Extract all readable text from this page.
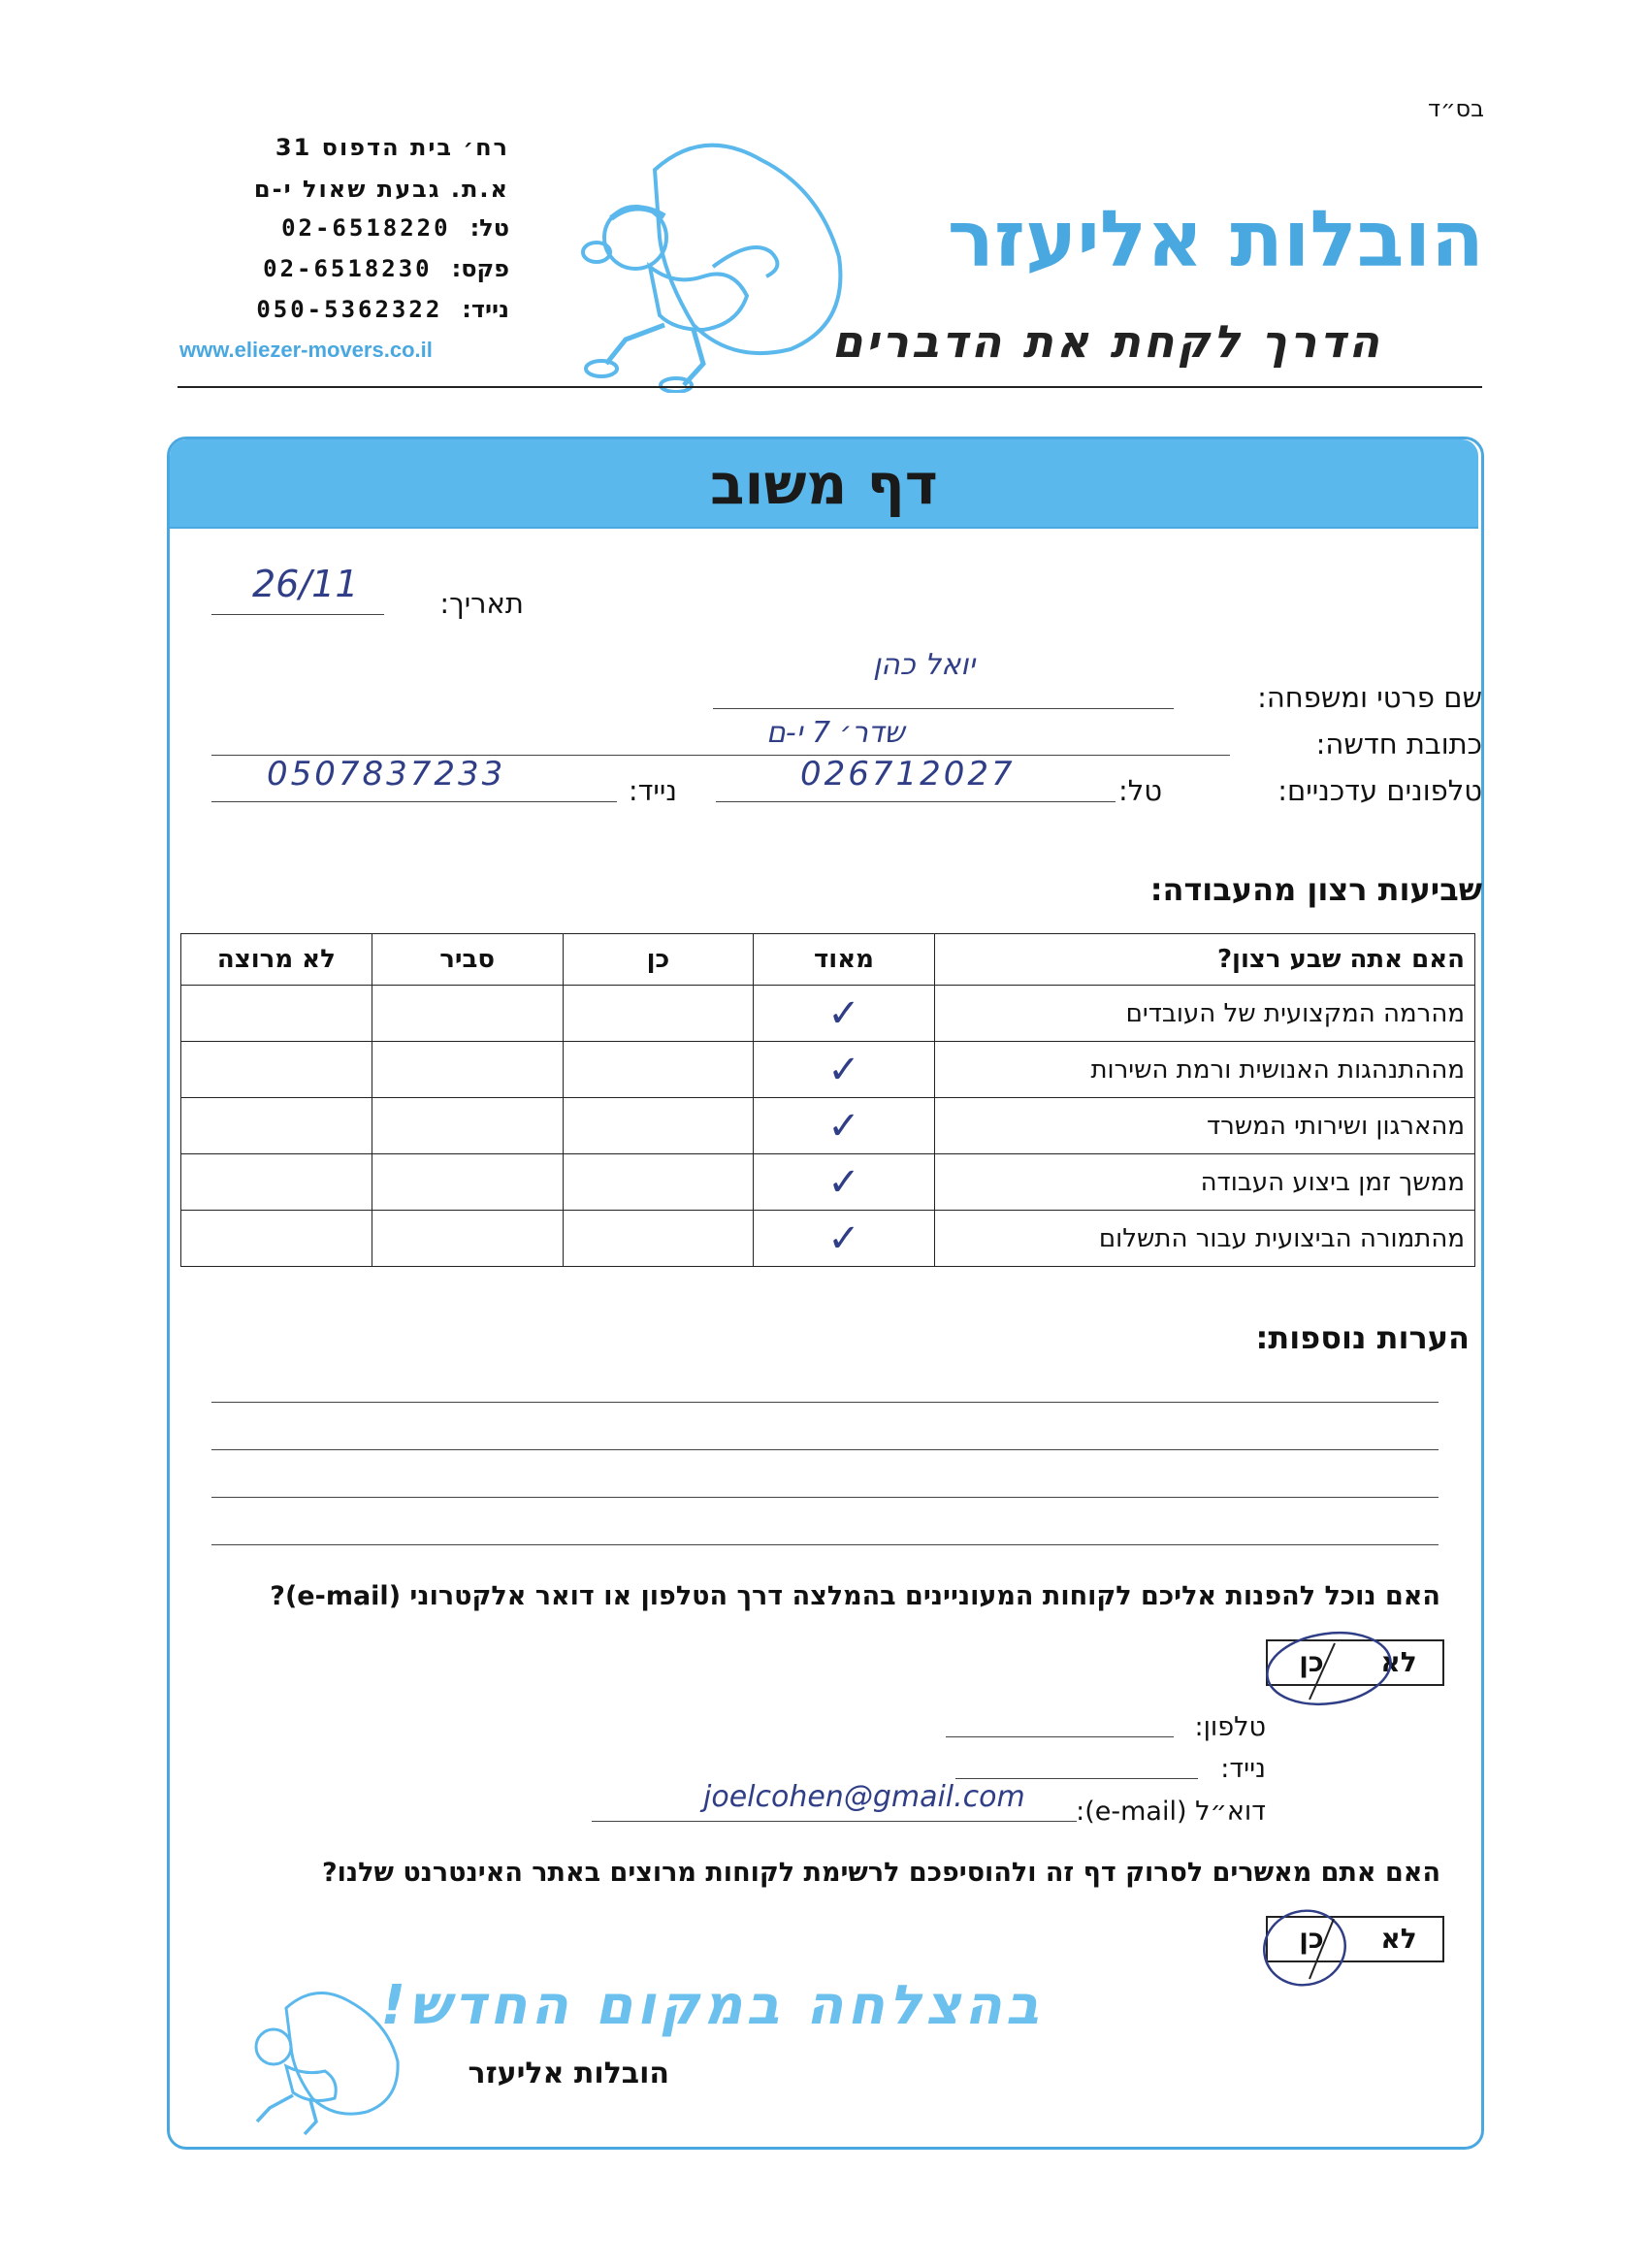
בס״ד
רח׳ בית הדפוס 31
א.ת. גבעת שאול י-ם
טל:
02-6518220
פקס:
02-6518230
נייד:
050-5362322
www.eliezer-movers.co.il
הובלות אליעזר
הדרך לקחת את הדברים
דף משוב
תאריך:
26/11
שם פרטי ומשפחה:
יואל כהן
כתובת חדשה:
שדר׳ 7 י-ם
טלפונים עדכניים:
טל:
026712027
נייד:
0507837233
שביעות רצון מהעבודה:
האם אתה שבע רצון?	מאוד	כן	סביר	לא מרוצה
מהרמה המקצועית של העובדים	✓			
מההתנהגות האנושית ורמת השירות	✓			
מהארגון ושירותי המשרד	✓			
ממשך זמן ביצוע העבודה	✓			
מהתמורה הביצועית עבור התשלום	✓			
הערות נוספות:
האם נוכל להפנות אליכם לקוחות המעוניינים בהמלצה דרך הטלפון או דואר אלקטרוני (e-mail)?
לא
כן
טלפון:
נייד:
דוא״ל (e-mail):
joelcohen@gmail.com
האם אתם מאשרים לסרוק דף זה ולהוסיפכם לרשימת לקוחות מרוצים באתר האינטרנט שלנו?
לא
כן
בהצלחה במקום החדש!
הובלות אליעזר
